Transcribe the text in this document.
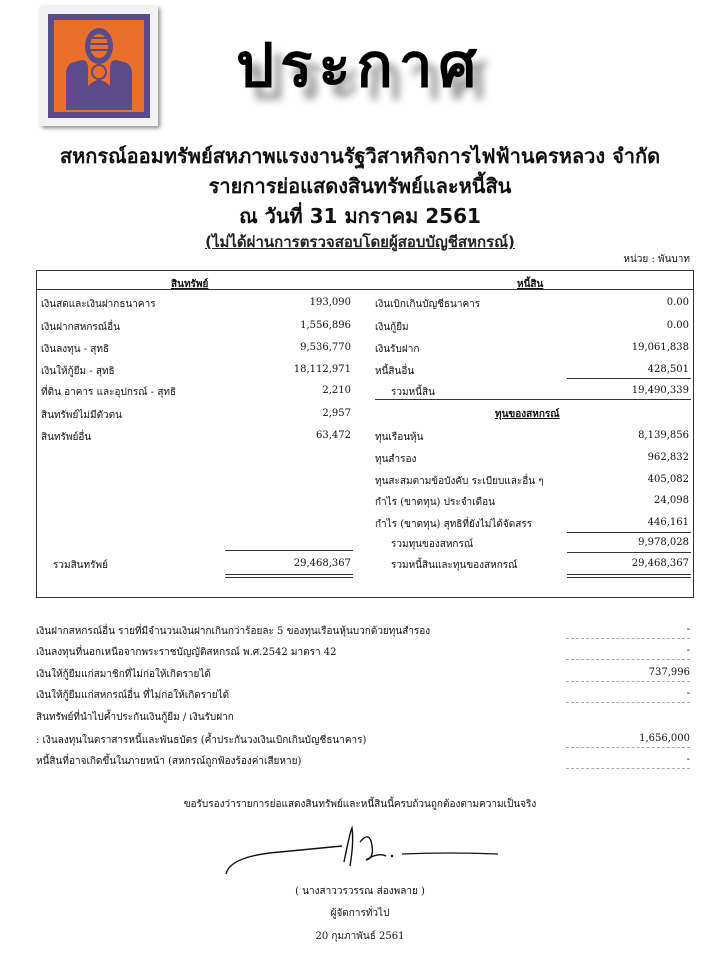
ประกาศ
สหกรณ์ออมทรัพย์สหภาพแรงงานรัฐวิสาหกิจการไฟฟ้านครหลวง จำกัด
รายการย่อแสดงสินทรัพย์และหนี้สิน
ณ วันที่ 31 มกราคม 2561
(ไม่ได้ผ่านการตรวจสอบโดยผู้สอบบัญชีสหกรณ์)
หน่วย : พันบาท
สินทรัพย์	หนี้สิน
เงินสดและเงินฝากธนาคาร	193,090
เงินฝากสหกรณ์อื่น	1,556,896
เงินลงทุน - สุทธิ	9,536,770
เงินให้กู้ยืม - สุทธิ	18,112,971
ที่ดิน อาคาร และอุปกรณ์ - สุทธิ	2,210
สินทรัพย์ไม่มีตัวตน	2,957
สินทรัพย์อื่น	63,472
รวมสินทรัพย์	29,468,367
เงินเบิกเกินบัญชีธนาคาร	0.00
เงินกู้ยืม	0.00
เงินรับฝาก	19,061,838
หนี้สินอื่น	428,501
รวมหนี้สิน	19,490,339
ทุนของสหกรณ์
ทุนเรือนหุ้น	8,139,856
ทุนสำรอง	962,832
ทุนสะสมตามข้อบังคับ ระเบียบและอื่น ๆ	405,082
กำไร (ขาดทุน) ประจำเดือน	24,098
กำไร (ขาดทุน) สุทธิที่ยังไม่ได้จัดสรร	446,161
รวมทุนของสหกรณ์	9,978,028
รวมหนี้สินและทุนของสหกรณ์	29,468,367
เงินฝากสหกรณ์อื่น รายที่มีจำนวนเงินฝากเกินกว่าร้อยละ 5 ของทุนเรือนหุ้นบวกด้วยทุนสำรอง	-
เงินลงทุนที่นอกเหนือจากพระราชบัญญัติสหกรณ์ พ.ศ.2542 มาตรา 42	-
เงินให้กู้ยืมแก่สมาชิกที่ไม่ก่อให้เกิดรายได้	737,996
เงินให้กู้ยืมแก่สหกรณ์อื่น ที่ไม่ก่อให้เกิดรายได้	-
สินทรัพย์ที่นำไปค้ำประกันเงินกู้ยืม / เงินรับฝาก
: เงินลงทุนในตราสารหนี้และพันธบัตร (ค้ำประกันวงเงินเบิกเกินบัญชีธนาคาร)	1,656,000
หนี้สินที่อาจเกิดขึ้นในภายหน้า (สหกรณ์ถูกฟ้องร้องค่าเสียหาย)	-
ขอรับรองว่ารายการย่อแสดงสินทรัพย์และหนี้สินนี้ครบถ้วนถูกต้องตามความเป็นจริง
( นางสาววรวรรณ ส่องพลาย )
ผู้จัดการทั่วไป
20 กุมภาพันธ์ 2561
